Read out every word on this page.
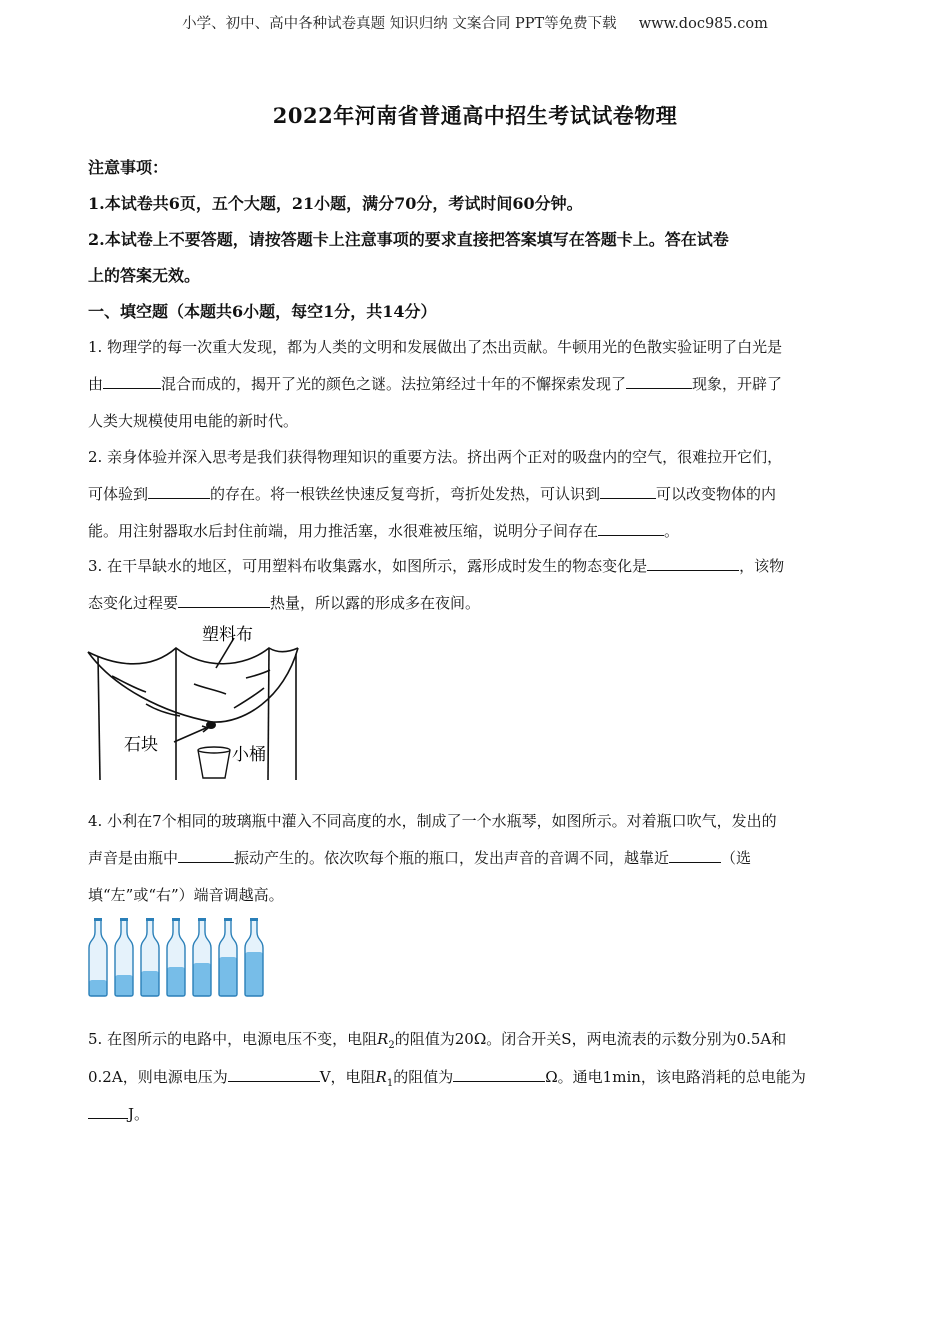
小学、初中、高中各种试卷真题 知识归纳 文案合同 PPT等免费下载 www.doc985.com
2022年河南省普通高中招生考试试卷物理
注意事项：
1.本试卷共6页，五个大题，21小题，满分70分，考试时间60分钟。
2.本试卷上不要答题，请按答题卡上注意事项的要求直接把答案填写在答题卡上。答在试卷
上的答案无效。
一、填空题（本题共6小题，每空1分，共14分）
1. 物理学的每一次重大发现，都为人类的文明和发展做出了杰出贡献。牛顿用光的色散实验证明了白光是
由	混合而成的，揭开了光的颜色之谜。法拉第经过十年的不懈探索发现了	现象，开辟了
人类大规模使用电能的新时代。
2. 亲身体验并深入思考是我们获得物理知识的重要方法。挤出两个正对的吸盘内的空气，很难拉开它们，
可体验到	的存在。将一根铁丝快速反复弯折，弯折处发热，可认识到	可以改变物体的内
能。用注射器取水后封住前端，用力推活塞，水很难被压缩，说明分子间存在	。
3. 在干旱缺水的地区，可用塑料布收集露水，如图所示，露形成时发生的物态变化是	，该物
态变化过程要	热量，所以露的形成多在夜间。
塑料布
石块	小桶
4. 小利在7个相同的玻璃瓶中灌入不同高度的水，制成了一个水瓶琴，如图所示。对着瓶口吹气，发出的
声音是由瓶中	振动产生的。依次吹每个瓶的瓶口，发出声音的音调不同，越靠近	（选
填“左”或“右”）端音调越高。
5. 在图所示的电路中，电源电压不变，电阻$R_2$的阻值为20Ω。闭合开关S，两电流表的示数分别为0.5A和
0.2A，则电源电压为	V，电阻$R_1$的阻值为	Ω。通电1min，该电路消耗的总电能为
J。
